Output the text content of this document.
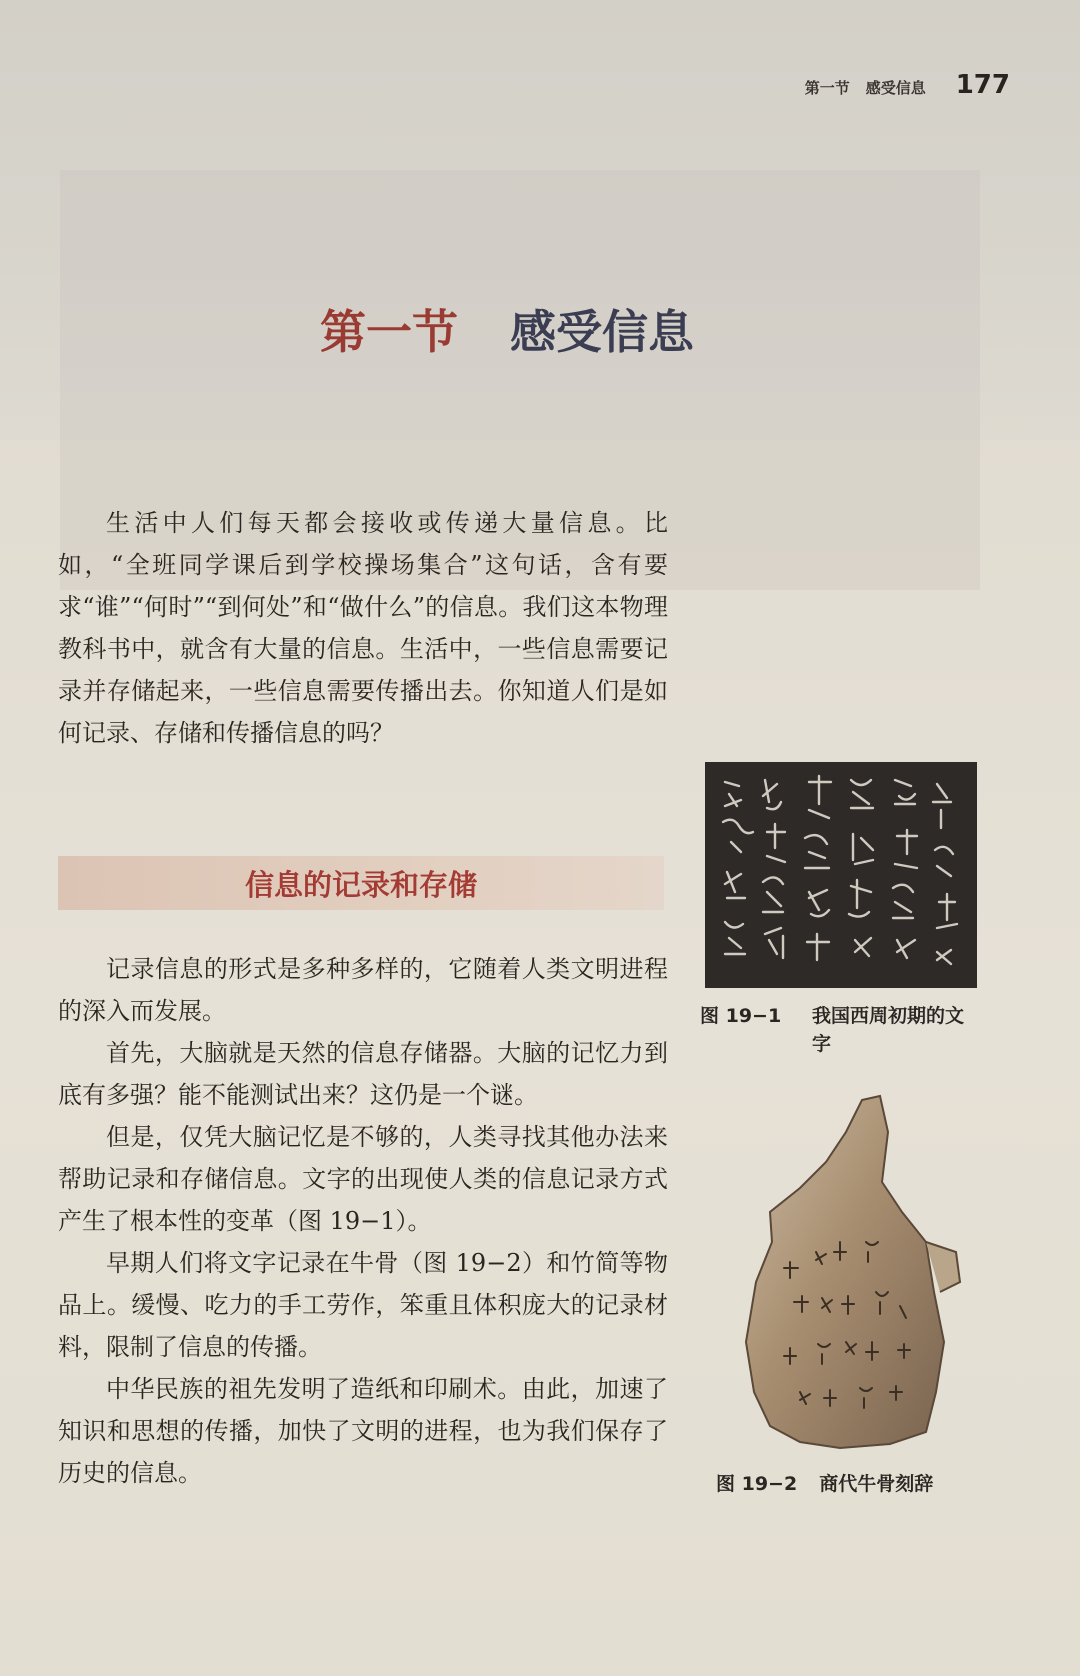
第一节 感受信息 177
第一节 感受信息

生活中人们每天都会接收或传递大量信息。比如，“全班同学课后到学校操场集合”这句话，含有要求“谁”“何时”“到何处”和“做什么”的信息。我们这本物理教科书中，就含有大量的信息。生活中，一些信息需要记录并存储起来，一些信息需要传播出去。你知道人们是如何记录、存储和传播信息的吗？

信息的记录和存储

记录信息的形式是多种多样的，它随着人类文明进程的深入而发展。

首先，大脑就是天然的信息存储器。大脑的记忆力到底有多强？能不能测试出来？这仍是一个谜。

但是，仅凭大脑记忆是不够的，人类寻找其他办法来帮助记录和存储信息。文字的出现使人类的信息记录方式产生了根本性的变革（图 19−1）。

早期人们将文字记录在牛骨（图 19−2）和竹简等物品上。缓慢、吃力的手工劳作，笨重且体积庞大的记录材料，限制了信息的传播。

中华民族的祖先发明了造纸和印刷术。由此，加速了知识和思想的传播，加快了文明的进程，也为我们保存了历史的信息。

图 19−1 我国西周初期的文字
图 19−2 商代牛骨刻辞
